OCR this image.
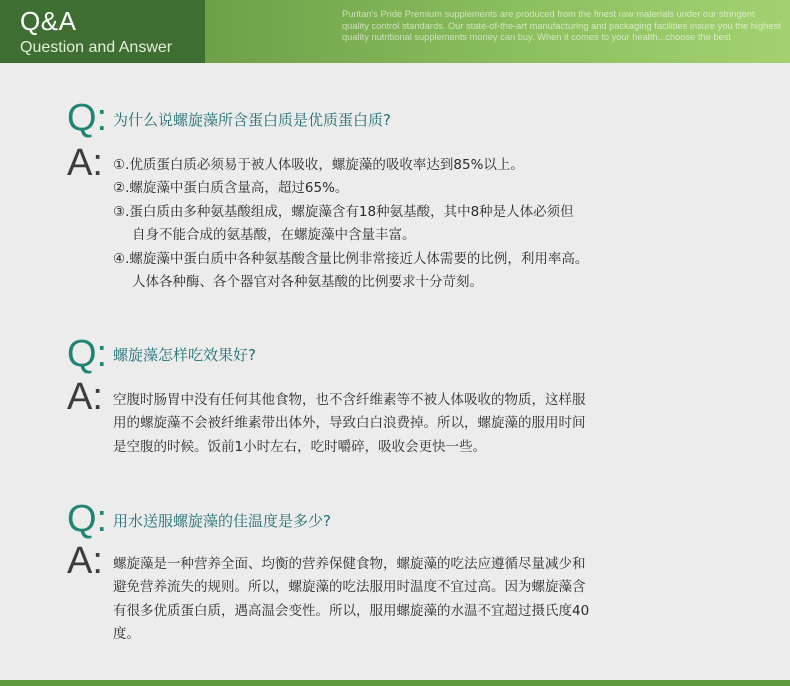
Q&A
Question and Answer
Puritan's Pride Premium supplements are produced from the finest raw materials under our stringent quality control standards. Our state-of-the-art manufacturing and packaging facilities insure you the highest quality nutritional supplements money can buy. When it comes to your health...choose the best
Q: 为什么说螺旋藻所含蛋白质是优质蛋白质?
A: ①.优质蛋白质必须易于被人体吸收，螺旋藻的吸收率达到85%以上。
②.螺旋藻中蛋白质含量高，超过65%。
③.蛋白质由多种氨基酸组成，螺旋藻含有18种氨基酸，其中8种是人体必须但
自身不能合成的氨基酸，在螺旋藻中含量丰富。
④.螺旋藻中蛋白质中各种氨基酸含量比例非常接近人体需要的比例，利用率高。
人体各种酶、各个器官对各种氨基酸的比例要求十分苛刻。
Q: 螺旋藻怎样吃效果好?
A: 空腹时肠胃中没有任何其他食物，也不含纤维素等不被人体吸收的物质，这样服
用的螺旋藻不会被纤维素带出体外，导致白白浪费掉。所以，螺旋藻的服用时间
是空腹的时候。饭前1小时左右，吃时嚼碎，吸收会更快一些。
Q: 用水送服螺旋藻的佳温度是多少?
A: 螺旋藻是一种营养全面、均衡的营养保健食物，螺旋藻的吃法应遵循尽量减少和
避免营养流失的规则。所以，螺旋藻的吃法服用时温度不宜过高。因为螺旋藻含
有很多优质蛋白质，遇高温会变性。所以，服用螺旋藻的水温不宜超过摄氏度40
度。
